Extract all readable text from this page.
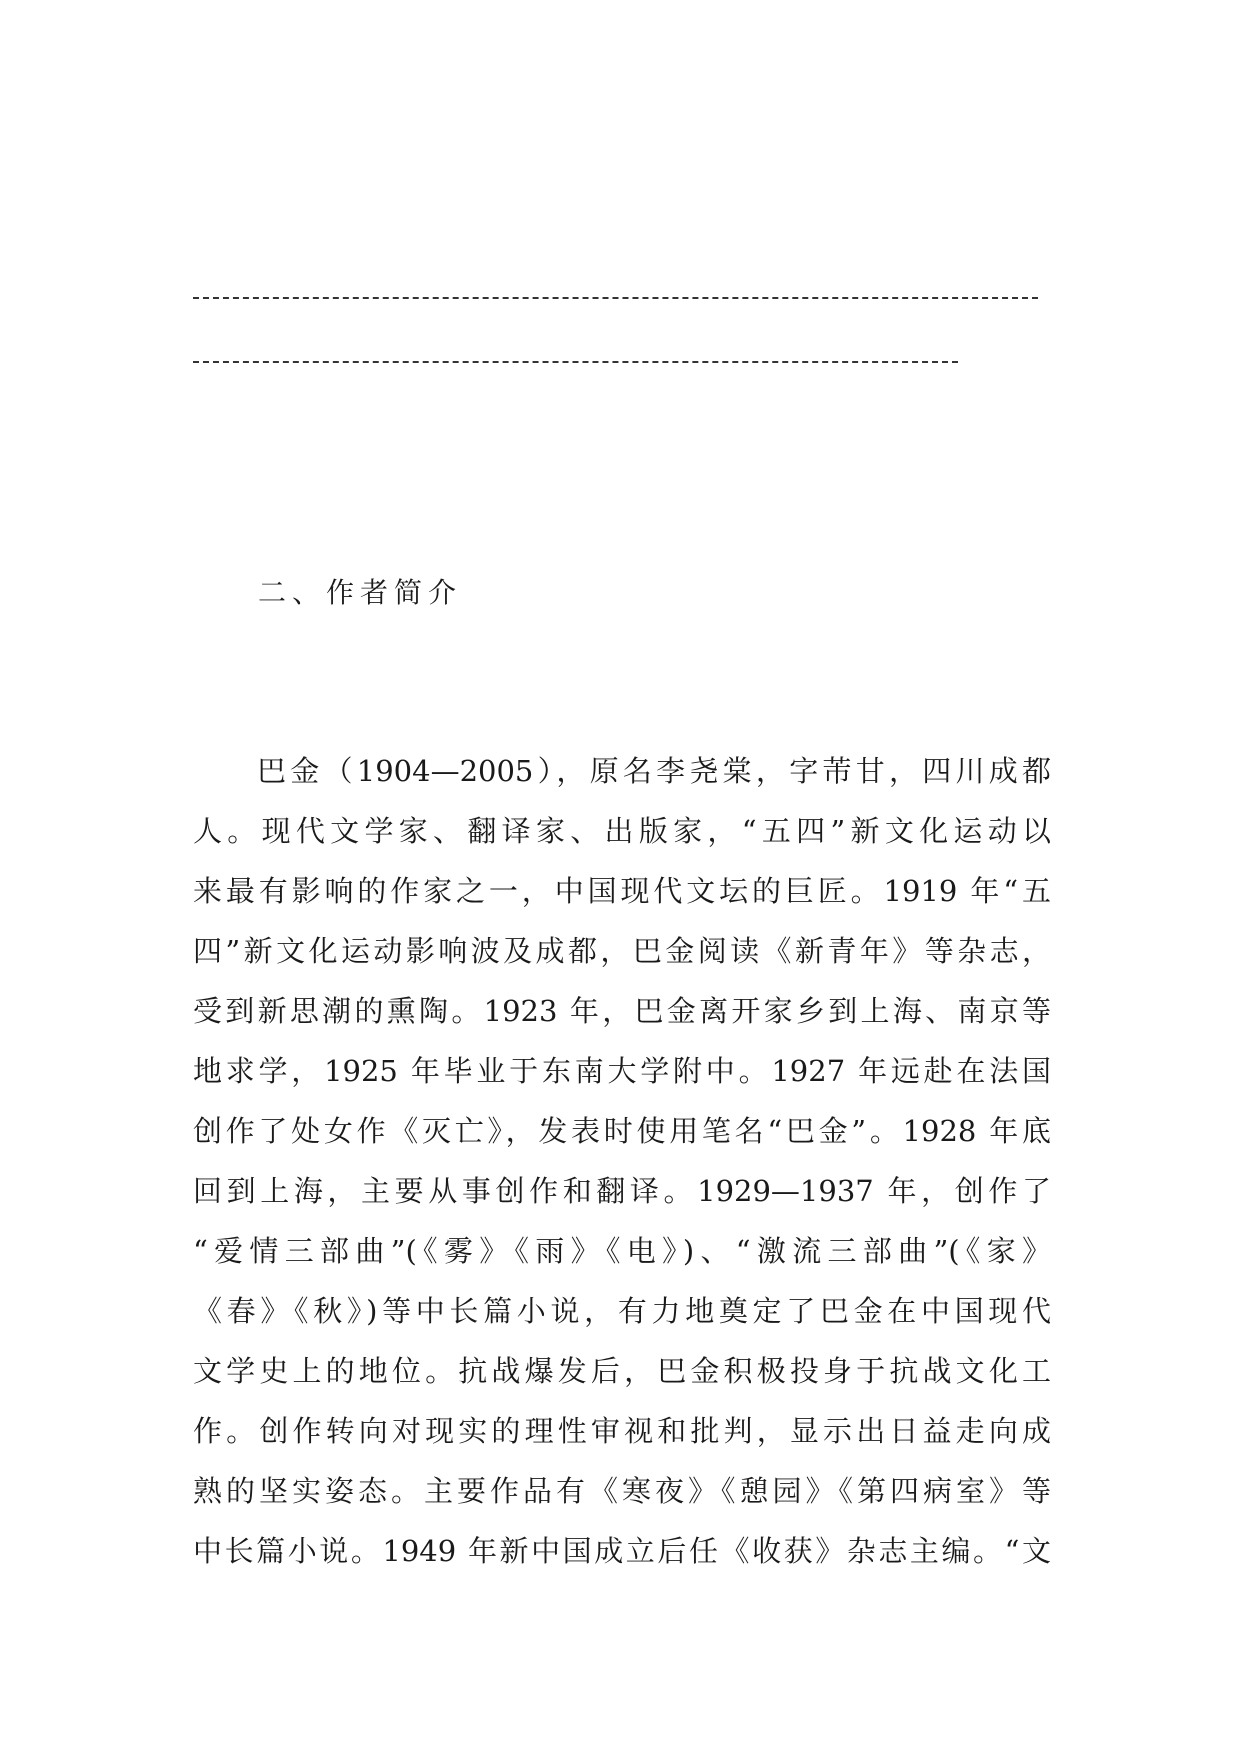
二、作者简介
巴金（1904—2005），原名李尧棠，字芾甘，四川成都
人。现代文学家、翻译家、出版家，“五四”新文化运动以
来最有影响的作家之一，中国现代文坛的巨匠。1919 年“五
四”新文化运动影响波及成都，巴金阅读《新青年》等杂志，
受到新思潮的熏陶。1923 年，巴金离开家乡到上海、南京等
地求学，1925 年毕业于东南大学附中。1927 年远赴在法国
创作了处女作《灭亡》，发表时使用笔名“巴金”。1928 年底
回到上海，主要从事创作和翻译。1929—1937 年，创作了
“爱情三部曲”(《雾》《雨》《电》)、“激流三部曲”(《家》
《春》《秋》)等中长篇小说，有力地奠定了巴金在中国现代
文学史上的地位。抗战爆发后，巴金积极投身于抗战文化工
作。创作转向对现实的理性审视和批判，显示出日益走向成
熟的坚实姿态。主要作品有《寒夜》《憩园》《第四病室》等
中长篇小说。1949 年新中国成立后任《收获》杂志主编。“文
